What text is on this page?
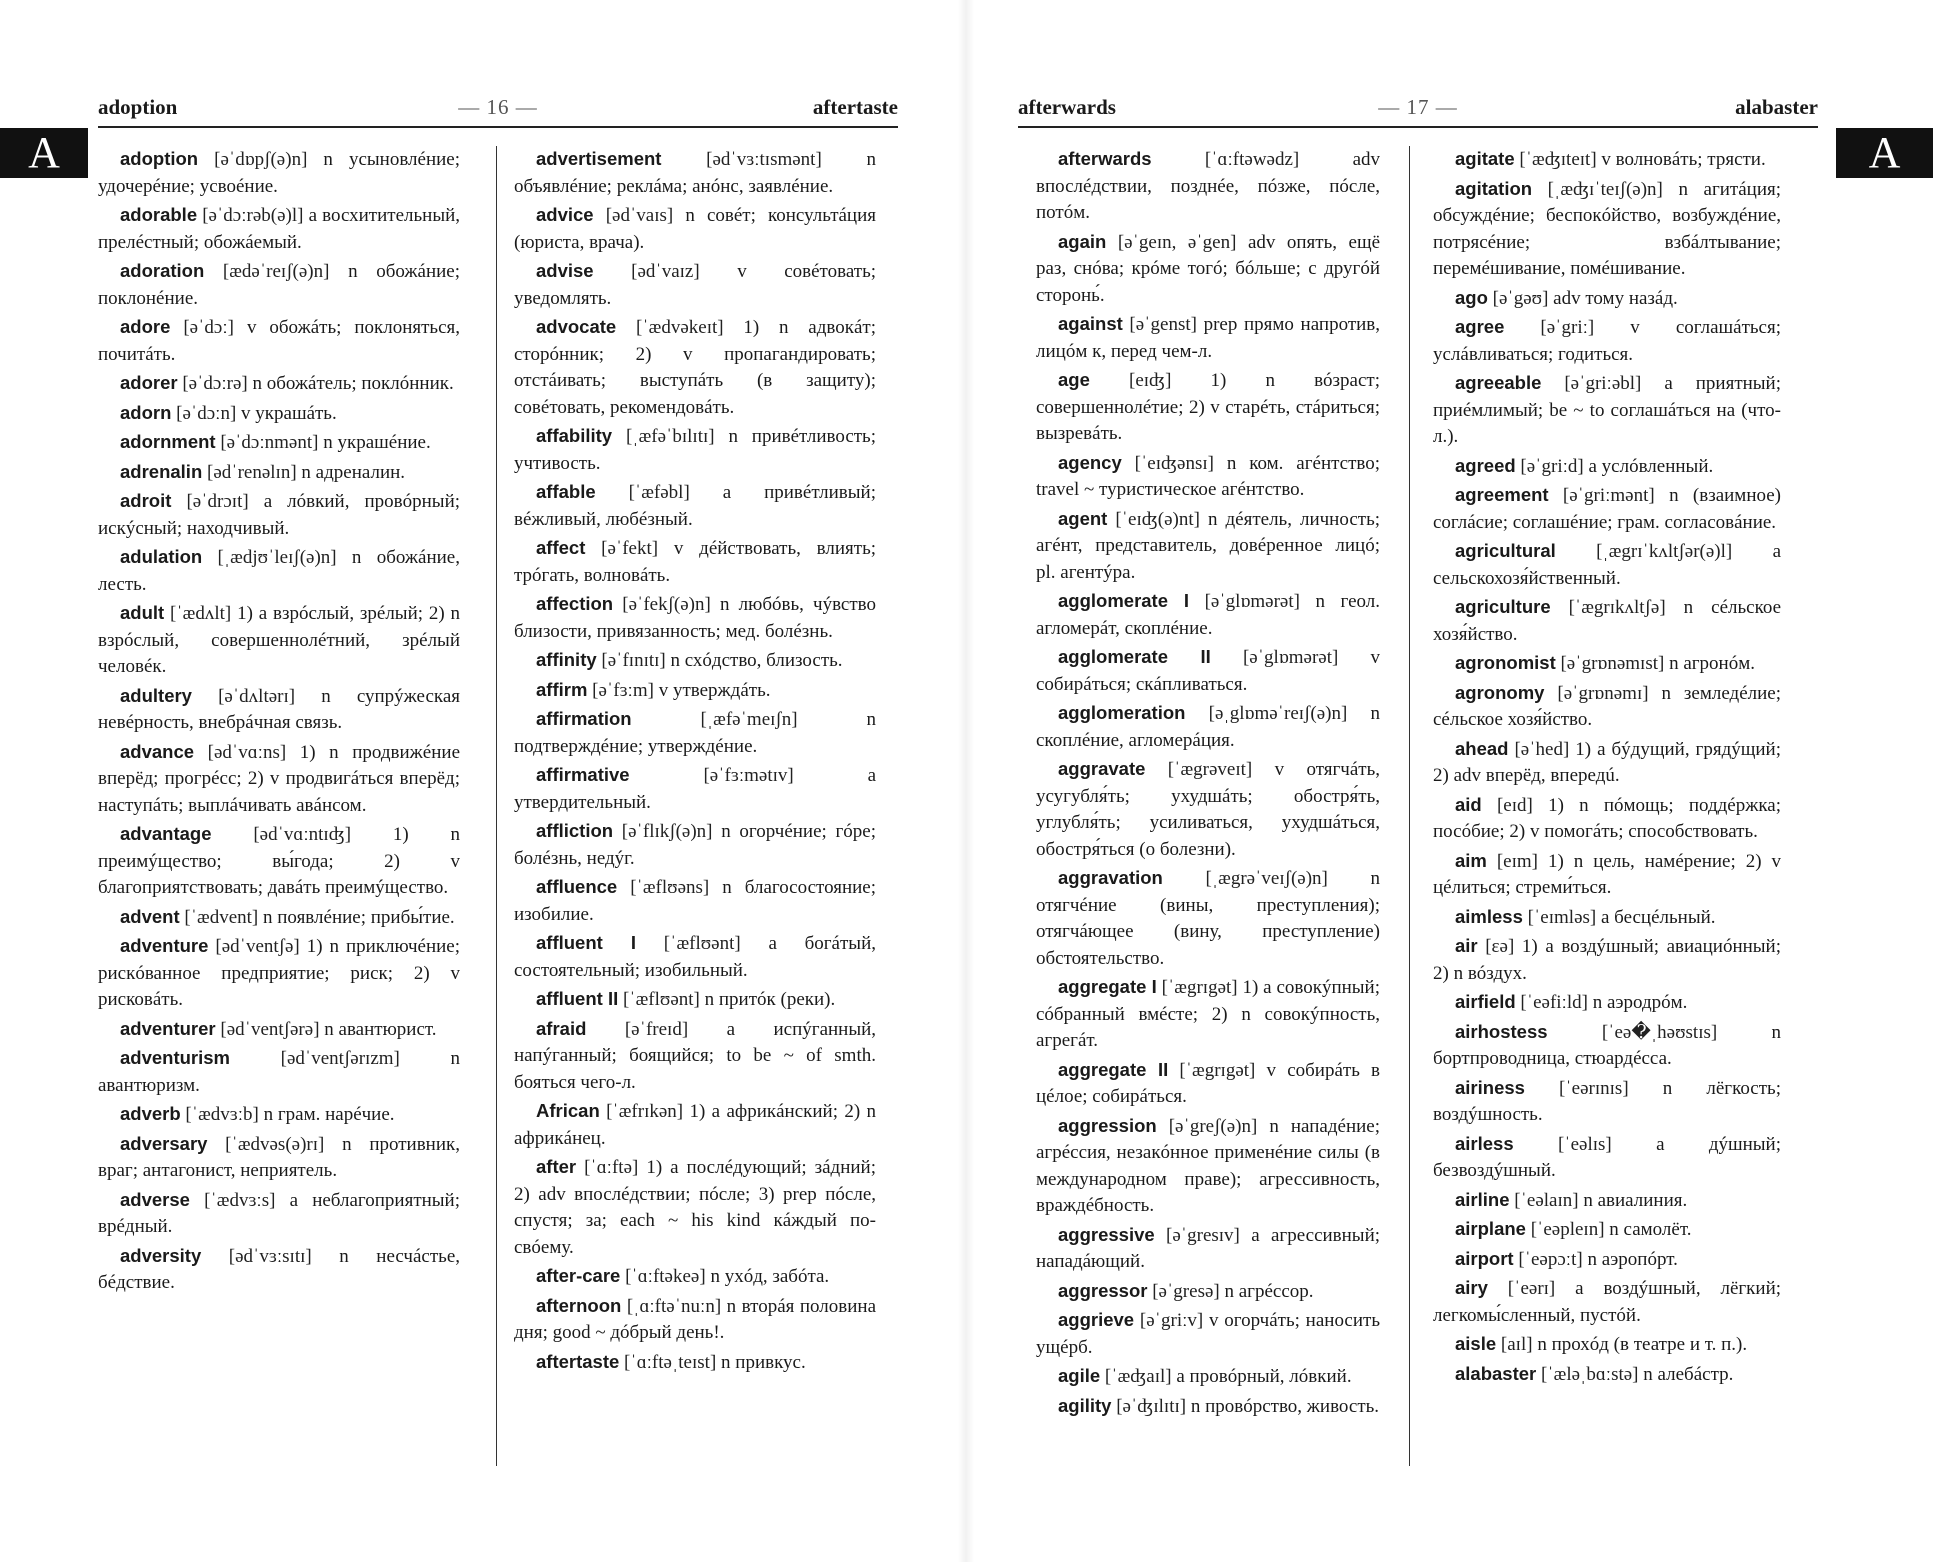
adoption	— 16 —	aftertaste
A	adoption [əˈdɒpʃ(ə)n] n усыновлéние; удочерéние; усвоéние.

adorable [əˈdɔːrəb(ə)l] a восхитительный, прелéстный; обожáемый.

adoration [ædəˈreɪʃ(ə)n] n обожáние; поклонéние.

adore [əˈdɔː] v обожáть; поклоняться, почитáть.

adorer [əˈdɔːrə] n обожáтель; поклóнник.

adorn [əˈdɔːn] v украшáть.

adornment [əˈdɔːnmənt] n украшéние.

adrenalin [ədˈrenəlɪn] n адреналин.

adroit [əˈdrɔɪt] a лóвкий, провóрный; искýсный; находчивый.

adulation [ˌædjʊˈleɪʃ(ə)n] n обожáние, лесть.

adult [ˈædʌlt] 1) a взрóслый, зрéлый; 2) n взрóслый, совершеннолéтний, зрéлый человéк.

adultery [əˈdʌltərɪ] n супрýжеская невéрность, внебрáчная связь.

advance [ədˈvɑːns] 1) n продвижéние вперёд; прогрéсс; 2) v продвигáться вперёд; наступáть; выплáчивать авáнсом.

advantage [ədˈvɑːntɪʤ] 1) n преимýщество; вы́года; 2) v благоприятствовать; давáть преимýщество.

advent [ˈædvent] n появлéние; прибы́тие.

adventure [ədˈventʃə] 1) n приключéние; рискóванное предприятие; риск; 2) v рисковáть.

adventurer [ədˈventʃərə] n авантюрист.

adventurism	[ədˈventʃərɪzm]	n авантюризм.

adverb [ˈædvɜːb] n грам. нарéчие.

adversary [ˈædvəs(ə)rɪ] n противник, враг; антагонист, неприятель.

adverse [ˈædvɜːs] a неблагоприятный; врéдный.

adversity [ədˈvɜːsɪtɪ] n несчáстье, бéдствие.

advertisement [ədˈvɜːtɪsmənt] n объявлéние; реклáма; анóнс, заявлéние.

advice [ədˈvaɪs] n совéт; консультáция (юриста, врача).

advise [ədˈvaɪz] v совéтовать; уведомлять.

advocate [ˈædvəkeɪt] 1) n адвокáт; сторóнник; 2) v пропагандировать; отстáивать; выступáть (в защиту); совéтовать, рекомендовáть.

affability [ˌæfəˈbɪlɪtɪ] n привéтливость; учтивость.

affable [ˈæfəbl] a привéтливый; вéжливый, любéзный.

affect [əˈfekt] v дéйствовать, влиять; трóгать, волновáть.

affection [əˈfekʃ(ə)n] n любóвь, чýвство близости, привязанность; мед. болéзнь.

affinity [əˈfɪnɪtɪ] n схóдство, близость.

affirm [əˈfɜːm] v утверждáть.

affirmation	[ˌæfəˈmeɪʃn]	n подтверждéние; утверждéние.

affirmative	[əˈfɜːmətɪv]	a утвердительный.

affliction [əˈflɪkʃ(ə)n] n огорчéние; гóре; болéзнь, недýг.

affluence [ˈæflʊəns] n благосостояние; изобилие.

affluent I [ˈæflʊənt] a богáтый, состоятельный; изобильный.

affluent II [ˈæflʊənt] n притóк (реки).

afraid [əˈfreɪd] a испýганный, напýганный; боящийся; to be ~ of smth. бояться чего-л.

African [ˈæfrɪkən] 1) a африкáнский; 2) n африкáнец.

after [ˈɑːftə] 1) a послéдующий; зáдний; 2) adv впослéдствии; пóсле; 3) prep пóсле, спустя; за; each ~ his kind кáждый по-свóему.

after-care [ˈɑːftəkeə] n ухóд, забóта.

afternoon [ˌɑːftəˈnuːn] n вторáя половина дня; good ~ дóбрый день!.

aftertaste [ˈɑːftəˌteɪst] n привкус.

afterwards	— 17 —	alabaster
A

afterwards	[ˈɑːftəwədz]	adv впослéдствии, позднéе, пóзже, пóсле, потóм.

again [əˈgeɪn, əˈgen] adv опять, ещё раз, снóва; крóме тогó; бóльше; с другóй сторонь́.

against [əˈgenst] prep прямо напротив, лицóм к, перед чем-л.

age [eɪʤ] 1) n вóзраст; совершеннолéтие; 2) v старéть, стáриться; вызревáть.

agency [ˈeɪʤənsɪ] n ком. агéнтство; travel ~ туристическое агéнтство.

agent [ˈeɪʤ(ə)nt] n дéятель, личность; агéнт, представитель, довéренное лицó; pl. агентýра.

agglomerate I [əˈglɒmərət] n геол. агломерáт, скоплéние.

agglomerate II [əˈglɒmərət] v собирáться; скáпливаться.

agglomeration [əˌglɒməˈreɪʃ(ə)n] n скоплéние, агломерáция.

aggravate [ˈægrəveɪt] v отягчáть, усугубля́ть; ухудшáть; обостря́ть, углубля́ть; усиливаться, ухудшáться, обостря́ться (о болезни).

aggravation [ˌægrəˈveɪʃ(ə)n] n отягчéние (вины, преступления); отягчáющее (вину, преступление) обстоятельство.

aggregate I [ˈægrɪgət] 1) a совокýпный; сóбранный вмéсте; 2) n совокýпность, агрегáт.

aggregate II [ˈægrɪgət] v собирáть в цéлое; собирáться.

aggression [əˈgreʃ(ə)n] n нападéние; агрéссия, незакóнное применéние силы (в международном праве); агрессивность, враждéбность.

aggressive [əˈgresɪv] a агрессивный; нападáющий.

aggressor [əˈgresə] n агрéссор.

aggrieve [əˈgriːv] v огорчáть; наносить ущéрб.

agile [ˈæʤaɪl] a провóрный, лóвкий.

agility [əˈʤɪlɪtɪ] n провóрство, живость.

agitate [ˈæʤɪteɪt] v волновáть; трясти.

agitation [ˌæʤɪˈteɪʃ(ə)n] n агитáция; обсуждéние; беспокóйство, возбуждéние, потрясéние; взбáлтывание; перемéшивание, помéшивание.

ago [əˈgəʊ] adv тому назáд.

agree [əˈgriː] v соглашáться; услáвливаться; годиться.

agreeable [əˈgriːəbl] a приятный; приéмлимый; be ~ to соглашáться на (что-л.).

agreed [əˈgriːd] a услóвленный.

agreement [əˈgriːmənt] n (взаимное) соглáсие; соглашéние; грам. согласовáние.

agricultural [ˌægrɪˈkʌltʃər(ə)l] a сельскохозя́йственный.

agriculture [ˈægrɪkʌltʃə] n сéльское хозя́йство.

agronomist [əˈgrɒnəmɪst] n агронóм.

agronomy [əˈgrɒnəmɪ] n земледéлие; сéльское хозя́йство.

ahead [əˈhed] 1) a бýдущий, грядýщий; 2) adv вперёд, впередú.

aid [eɪd] 1) n пóмощь; поддéржка; посóбие; 2) v помогáть; способствовать.

aim [eɪm] 1) n цель, намéрение; 2) v цéлиться; стреми́ться.

aimless [ˈeɪmləs] a бесцéльный.

air [ɛə] 1) a воздýшный; авиациóнный; 2) n вóздух.

airfield [ˈeəfiːld] n аэродрóм.

airhostess	[ˈeə�ˌhəʊstɪs]	n бортпроводница, стюардéсса.

airiness [ˈeərɪnɪs] n лёгкость; воздýшность.

airless [ˈeəlɪs] a дýшный; безвоздýшный.

airline [ˈeəlaɪn] n авиалиния.

airplane [ˈeəpleɪn] n самолёт.

airport [ˈeəpɔːt] n аэропóрт.

airy [ˈeərɪ] a воздýшный, лёгкий; легкомы́сленный, пустóй.

aisle [aɪl] n прохóд (в театре и т. п.).

alabaster [ˈæləˌbɑːstə] n алебáстр.
